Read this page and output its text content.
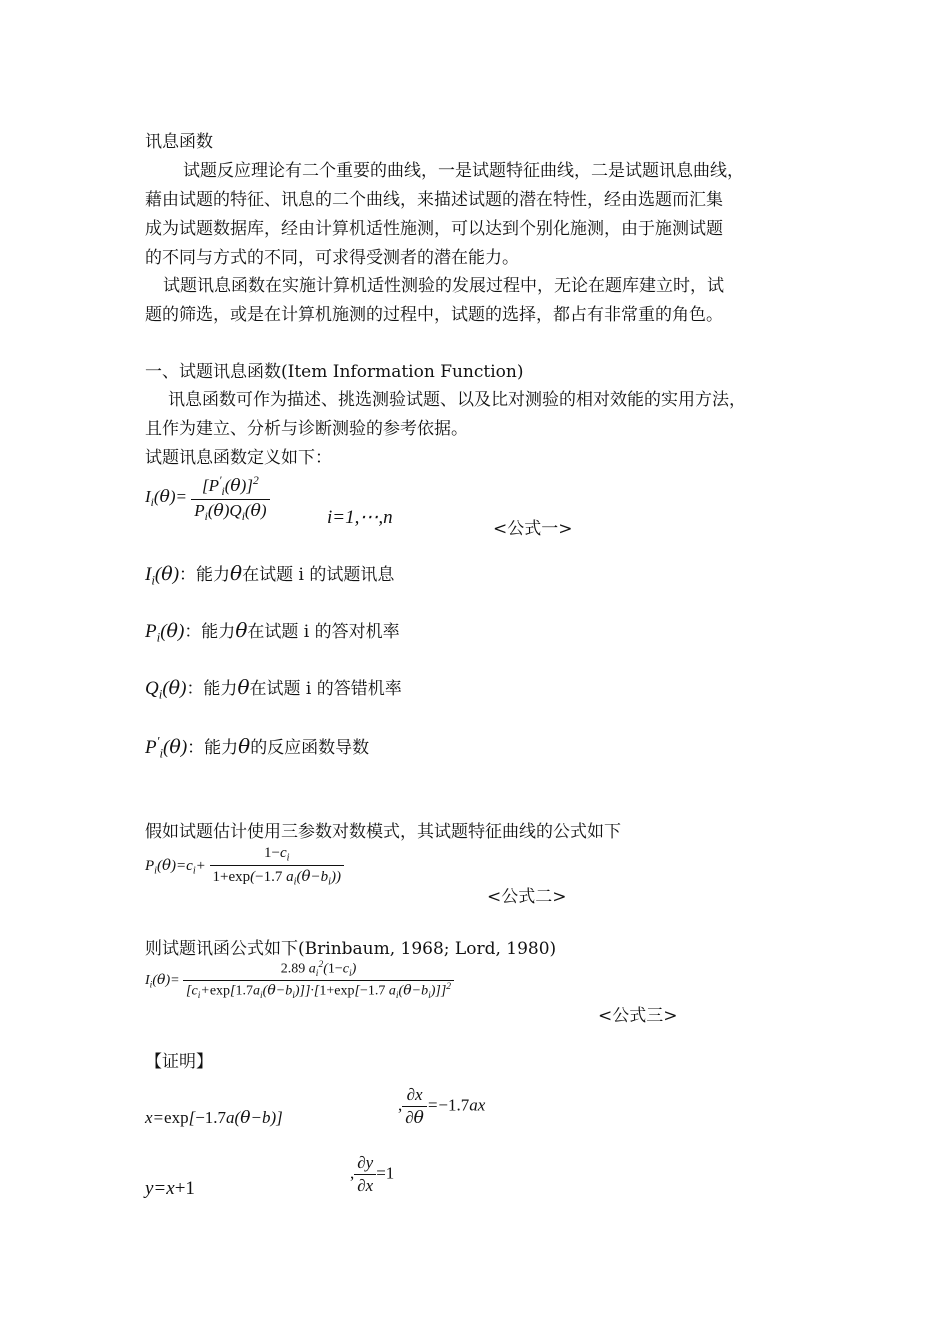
讯息函数
试题反应理论有二个重要的曲线，一是试题特征曲线，二是试题讯息曲线，
藉由试题的特征、讯息的二个曲线，来描述试题的潜在特性，经由选题而汇集
成为试题数据库，经由计算机适性施测，可以达到个别化施测，由于施测试题
的不同与方式的不同，可求得受测者的潜在能力。
试题讯息函数在实施计算机适性测验的发展过程中，无论在题库建立时，试
题的筛选，或是在计算机施测的过程中，试题的选择，都占有非常重的角色。
一、试题讯息函数(Item Information Function)
讯息函数可作为描述、挑选测验试题、以及比对测验的相对效能的实用方法，
且作为建立、分析与诊断测验的参考依据。
试题讯息函数定义如下：
$I_i(\theta)= \frac{[P'_i(\theta)]^2}{P_i(\theta)Q_i(\theta)}$	i=1,⋯,n
<公式一>
$I_i(\theta)$：能力θ在试题 i 的试题讯息
$P_i(\theta)$：能力θ在试题 i 的答对机率
$Q_i(\theta)$：能力θ在试题 i 的答错机率
$P'_i(\theta)$：能力θ的反应函数导数
假如试题估计使用三参数对数模式，其试题特征曲线的公式如下
$P_i(\theta)=c_i+ \frac{1-c_i}{1+\exp(-1.7 a_i(\theta-b_i))}$
<公式二>
则试题讯函公式如下(Brinbaum, 1968; Lord, 1980)
$I_i(\theta)= \frac{2.89 a_i^2(1-c_i)}{[c_i+\exp[1.7a_i(\theta-b_i)]]\cdot[1+\exp[-1.7 a_i(\theta-b_i)]]^2}$
<公式三>
【证明】
x=exp[−1.7a(θ−b)]
, $\frac{\partial x}{\partial\theta} =-1.7ax$
y=x+1
, $\frac{\partial y}{\partial x} =1$
